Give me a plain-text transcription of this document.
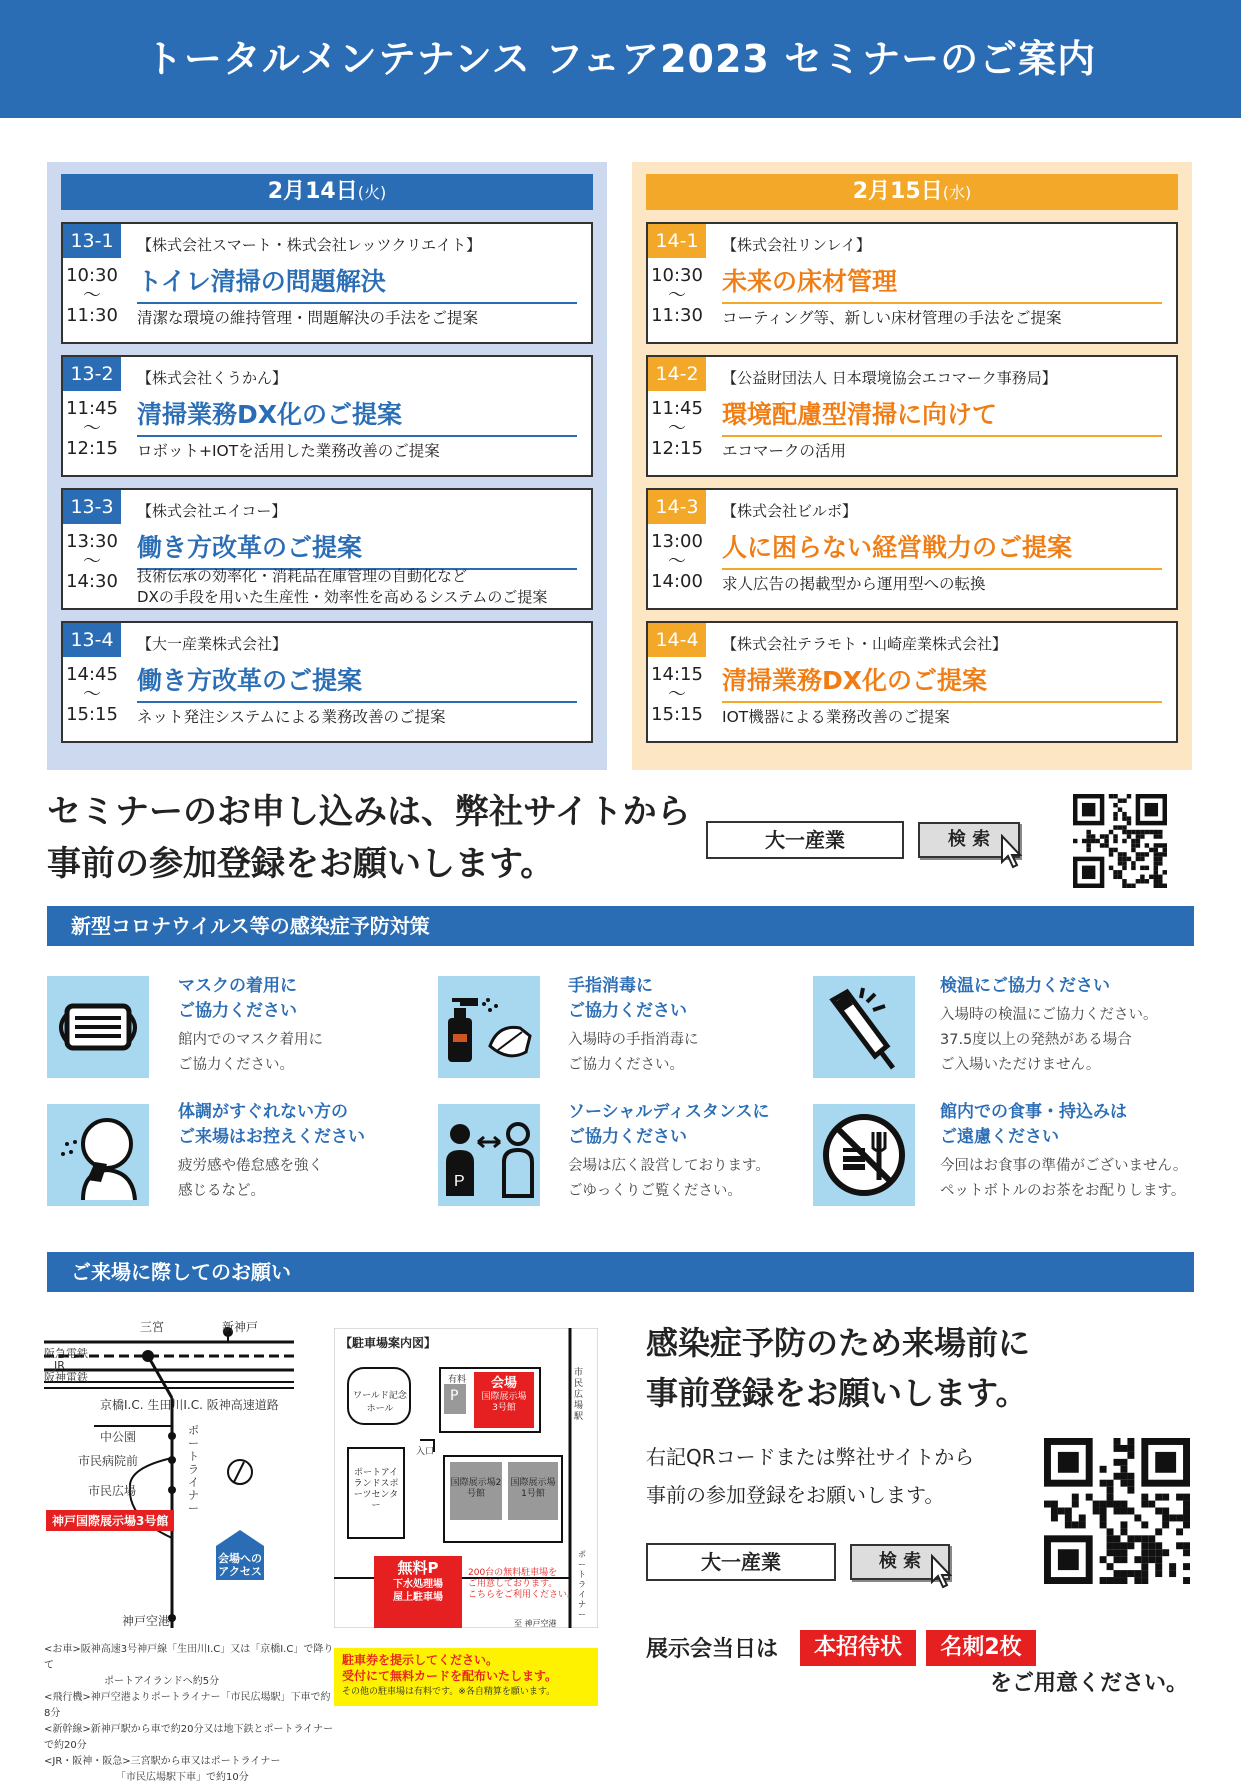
トータルメンテナンス フェア2023 セミナーのご案内
2月14日(火)
13-1
10:30
〜
11:30
【株式会社スマート・株式会社レッツクリエイト】
トイレ清掃の問題解決
清潔な環境の維持管理・問題解決の手法をご提案
13-2
11:45
〜
12:15
【株式会社くうかん】
清掃業務DX化のご提案
ロボット+IOTを活用した業務改善のご提案
13-3
13:30
〜
14:30
【株式会社エイコー】
働き方改革のご提案
技術伝承の効率化・消耗品在庫管理の自動化など
DXの手段を用いた生産性・効率性を高めるシステムのご提案
13-4
14:45
〜
15:15
【大一産業株式会社】
働き方改革のご提案
ネット発注システムによる業務改善のご提案
2月15日(水)
14-1
10:30
〜
11:30
【株式会社リンレイ】
未来の床材管理
コーティング等、新しい床材管理の手法をご提案
14-2
11:45
〜
12:15
【公益財団法人 日本環境協会エコマーク事務局】
環境配慮型清掃に向けて
エコマークの活用
14-3
13:00
〜
14:00
【株式会社ビルボ】
人に困らない経営戦力のご提案
求人広告の掲載型から運用型への転換
14-4
14:15
〜
15:15
【株式会社テラモト・山崎産業株式会社】
清掃業務DX化のご提案
IOT機器による業務改善のご提案
セミナーのお申し込みは、弊社サイトから
事前の参加登録をお願いします。
大一産業	検 索
新型コロナウイルス等の感染症予防対策
マスクの着用に
ご協力ください
館内でのマスク着用に
ご協力ください。
手指消毒に
ご協力ください
入場時の手指消毒に
ご協力ください。
検温にご協力ください
入場時の検温にご協力ください。
37.5度以上の発熱がある場合
ご入場いただけません。
体調がすぐれない方の
ご来場はお控えください
疲労感や倦怠感を強く
感じるなど。
P
ソーシャルディスタンスに
ご協力ください
会場は広く設営しております。
ごゆっくりご覧ください。
館内での食事・持込みは
ご遠慮ください
今回はお食事の準備がございません。
ペットボトルのお茶をお配りします。
ご来場に際してのお願い
阪急電鉄
JR
阪神電鉄
三宮	新神戸
京橋I.C. 生田川I.C. 阪神高速道路
中公園
市民病院前
市民広場
ポートライナー
神戸国際展示場3号館
神戸空港
会場への
アクセス
<お車>阪神高速3号神戸線「生田川I.C」又は「京橋I.C」で降りて
ポートアイランドへ約5分
<飛行機>神戸空港よりポートライナー「市民広場駅」下車で約8分
<新幹線>新神戸駅から車で約20分又は地下鉄とポートライナーで約20分
<JR・阪神・阪急>三宮駅から車又はポートライナー
「市民広場駅下車」で約10分
【駐車場案内図】
ワールド記念ホール
有料
P
会場
国際展示場
3号館
ポートアイランドスポーツセンター
入口
国際展示場2号館
国際展示場1号館
市民広場駅
ポートライナー
無料P
下水処理場
屋上駐車場
200台の無料駐車場を
ご用意しております。
こちらをご利用ください。
至 神戸空港
駐車券を提示してください。
受付にて無料カードを配布いたします。
その他の駐車場は有料です。※各自精算を願います。
感染症予防のため来場前に
事前登録をお願いします。
右記QRコードまたは弊社サイトから
事前の参加登録をお願いします。
大一産業	検 索
展示会当日は	本招待状	名刺2枚
をご用意ください。
